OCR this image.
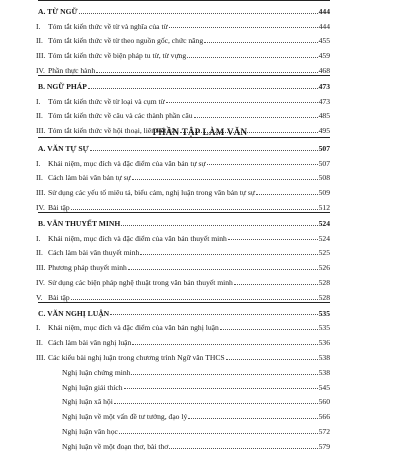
A. TỪ NGỮ	444
I. Tóm tắt kiến thức về từ và nghĩa của từ	444
II. Tóm tắt kiến thức về từ theo nguồn gốc, chức năng	455
III. Tóm tắt kiến thức về biện pháp tu từ, từ vựng	459
IV. Phần thực hành	468
B. NGỮ PHÁP	473
I. Tóm tắt kiến thức về từ loại và cụm từ	473
II. Tóm tắt kiến thức về câu và các thành phần câu	485
III. Tóm tắt kiến thức về hội thoại, liên kết câu	495
PHẦN TẬP LÀM VĂN
A. VĂN TỰ SỰ	507
I. Khái niệm, mục đích và đặc điểm của văn bản tự sự	507
II. Cách làm bài văn bản tự sự	508
III. Sử dụng các yếu tố miêu tả, biểu cảm, nghị luận trong văn bản tự sự	509
IV. Bài tập	512
B. VĂN THUYẾT MINH	524
I. Khái niệm, mục đích và đặc điểm của văn bản thuyết minh	524
II. Cách làm bài văn thuyết minh	525
III. Phương pháp thuyết minh	526
IV. Sử dụng các biện pháp nghệ thuật trong văn bản thuyết minh	528
V. Bài tập	528
C. VĂN NGHỊ LUẬN	535
I. Khái niệm, mục đích và đặc điểm của văn bản nghị luận	535
II. Cách làm bài văn nghị luận	536
III. Các kiểu bài nghị luận trong chương trình Ngữ văn THCS	538
Nghị luận chứng minh	538
Nghị luận giải thích	545
Nghị luận xã hội	560
Nghị luận về một vấn đề tư tưởng, đạo lý	566
Nghị luận văn học	572
Nghị luận về một đoạn thơ, bài thơ	579
